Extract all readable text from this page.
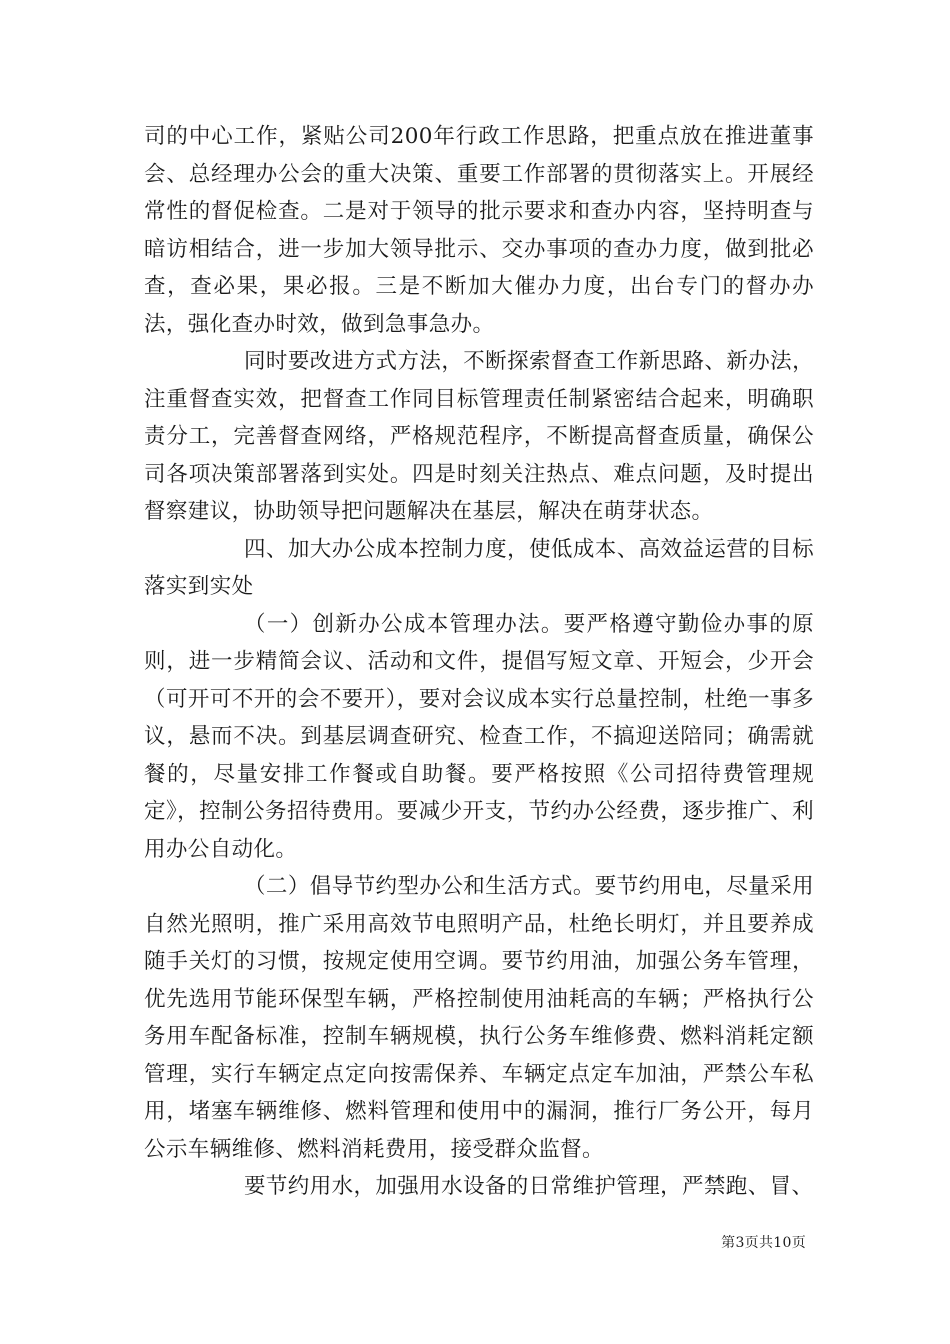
司的中心工作，紧贴公司200年行政工作思路，把重点放在推进董事会、总经理办公会的重大决策、重要工作部署的贯彻落实上。开展经常性的督促检查。二是对于领导的批示要求和查办内容，坚持明查与暗访相结合，进一步加大领导批示、交办事项的查办力度，做到批必查，查必果，果必报。三是不断加大催办力度，出台专门的督办办法，强化查办时效，做到急事急办。

同时要改进方式方法，不断探索督查工作新思路、新办法，注重督查实效，把督查工作同目标管理责任制紧密结合起来，明确职责分工，完善督查网络，严格规范程序，不断提高督查质量，确保公司各项决策部署落到实处。四是时刻关注热点、难点问题，及时提出督察建议，协助领导把问题解决在基层，解决在萌芽状态。

四、加大办公成本控制力度，使低成本、高效益运营的目标落实到实处

（一）创新办公成本管理办法。要严格遵守勤俭办事的原则，进一步精简会议、活动和文件，提倡写短文章、开短会，少开会（可开可不开的会不要开），要对会议成本实行总量控制，杜绝一事多议，悬而不决。到基层调查研究、检查工作，不搞迎送陪同；确需就餐的，尽量安排工作餐或自助餐。要严格按照《公司招待费管理规定》，控制公务招待费用。要减少开支，节约办公经费，逐步推广、利用办公自动化。

（二）倡导节约型办公和生活方式。要节约用电，尽量采用自然光照明，推广采用高效节电照明产品，杜绝长明灯，并且要养成随手关灯的习惯，按规定使用空调。要节约用油，加强公务车管理，优先选用节能环保型车辆，严格控制使用油耗高的车辆；严格执行公务用车配备标准，控制车辆规模，执行公务车维修费、燃料消耗定额管理，实行车辆定点定向按需保养、车辆定点定车加油，严禁公车私用，堵塞车辆维修、燃料管理和使用中的漏洞，推行厂务公开，每月公示车辆维修、燃料消耗费用，接受群众监督。

要节约用水，加强用水设备的日常维护管理，严禁跑、冒、

第3页共10页
